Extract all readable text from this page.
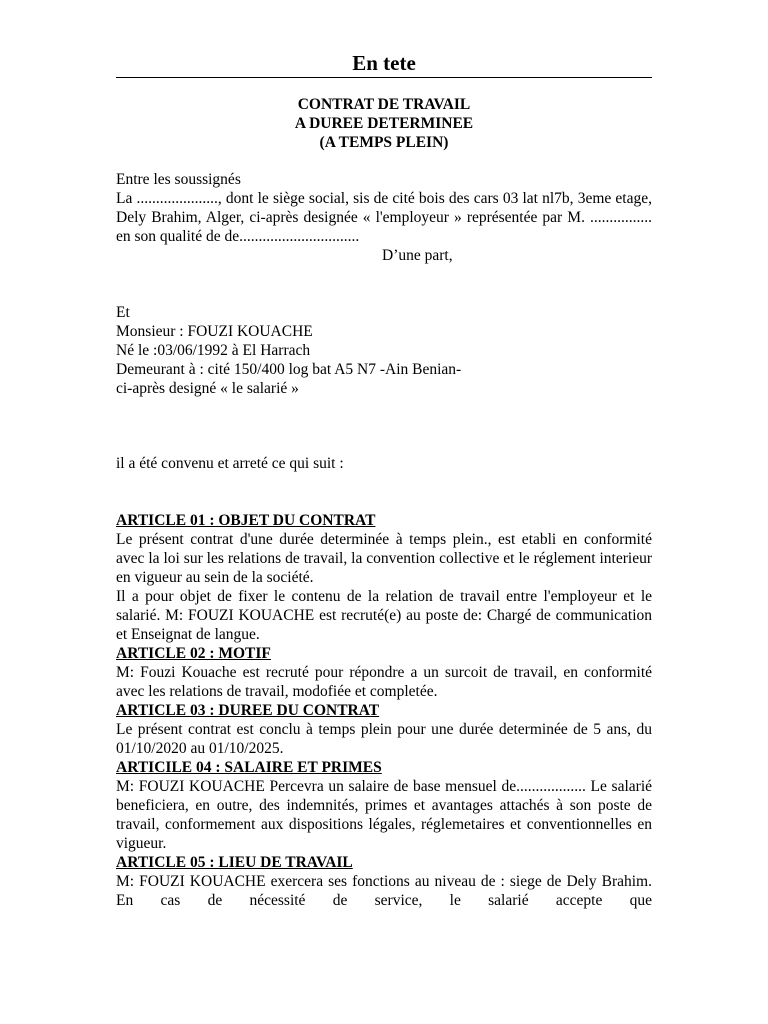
En tete
CONTRAT DE TRAVAIL
A DUREE DETERMINEE
(A TEMPS PLEIN)

Entre les soussignés

La ....................., dont le siège social, sis de cité bois des cars 03 lat nl7b, 3eme etage, Dely Brahim, Alger, ci-après designée « l'employeur » représentée par M. ................ en son qualité de de...............................

D’une part,

Et

Monsieur : FOUZI KOUACHE

Né le :03/06/1992 à El Harrach

Demeurant à : cité 150/400 log bat A5 N7 -Ain Benian-

ci-après designé « le salarié »

il a été convenu et arreté ce qui suit :

ARTICLE 01 : OBJET DU CONTRAT

Le présent contrat d'une durée determinée à temps plein., est etabli en conformité avec la loi sur les relations de travail, la convention collective et le réglement interieur en vigueur au sein de la société.

Il a pour objet de fixer le contenu de la relation de travail entre l'employeur et le salarié. M: FOUZI KOUACHE est recruté(e) au poste de: Chargé de communication et Enseignat de langue.

ARTICLE 02 : MOTIF

M: Fouzi Kouache est recruté pour répondre a un surcoit de travail, en conformité avec les relations de travail, modofiée et completée.

ARTICLE 03 : DUREE DU CONTRAT

Le présent contrat est conclu à temps plein pour une durée determinée de 5 ans, du 01/10/2020 au 01/10/2025.

ARTICILE 04 : SALAIRE ET PRIMES

M: FOUZI KOUACHE Percevra un salaire de base mensuel de.................. Le salarié beneficiera, en outre, des indemnités, primes et avantages attachés à son poste de travail, conformement aux dispositions légales, réglemetaires et conventionnelles en vigueur.

ARTICLE 05 : LIEU DE TRAVAIL

M: FOUZI KOUACHE exercera ses fonctions au niveau de : siege de Dely Brahim. En cas de nécessité de service, le salarié accepte que
